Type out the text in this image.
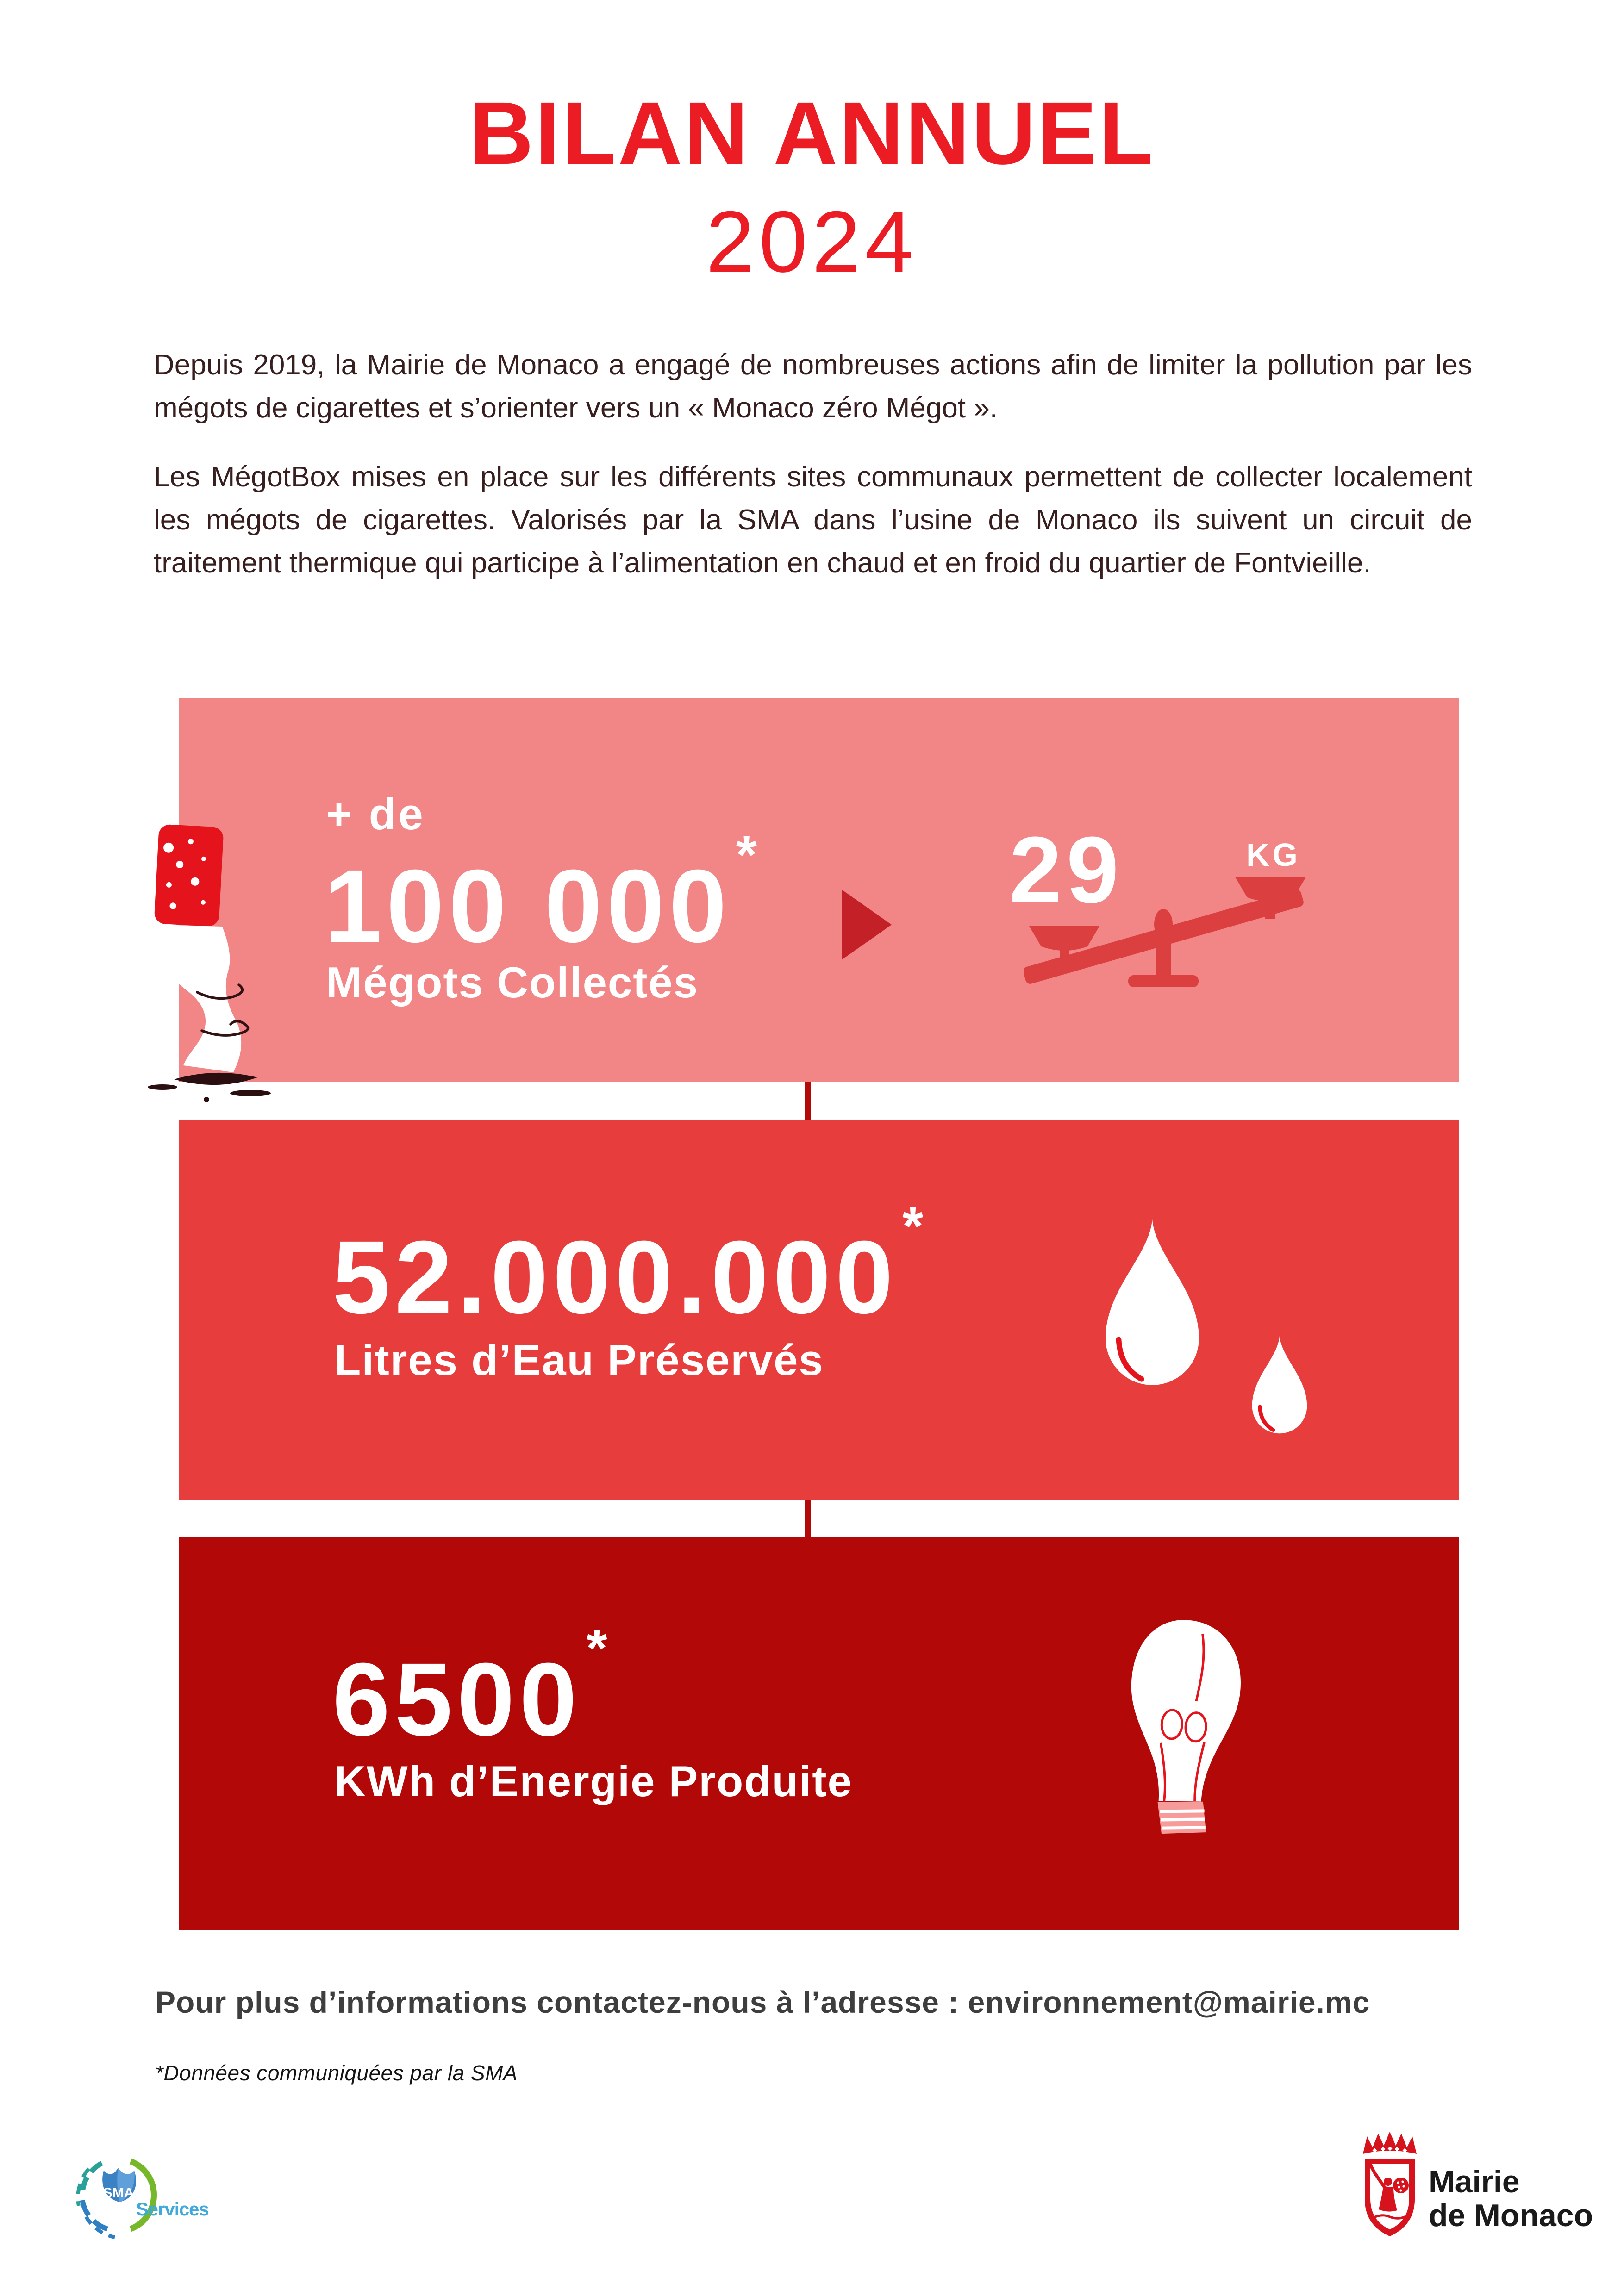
BILAN ANNUEL
2024

Depuis 2019, la Mairie de Monaco a engagé de nombreuses actions afin de limiter la pollution par les mégots de cigarettes et s’orienter vers un « Monaco zéro Mégot ».

Les MégotBox mises en place sur les différents sites communaux permettent de collecter localement les mégots de cigarettes. Valorisés par la SMA dans l’usine de Monaco ils suivent un circuit de traitement thermique qui participe à l’alimentation en chaud et en froid du quartier de Fontvieille.

+ de
100 000*
Mégots Collectés
29	KG
52.000.000*
Litres d’Eau Préservés
6500*
KWh d’Energie Produite
Pour plus d’informations contactez-nous à l’adresse : environnement@mairie.mc
*Données communiquées par la SMA
SMA
Services
Mairie
de Monaco
